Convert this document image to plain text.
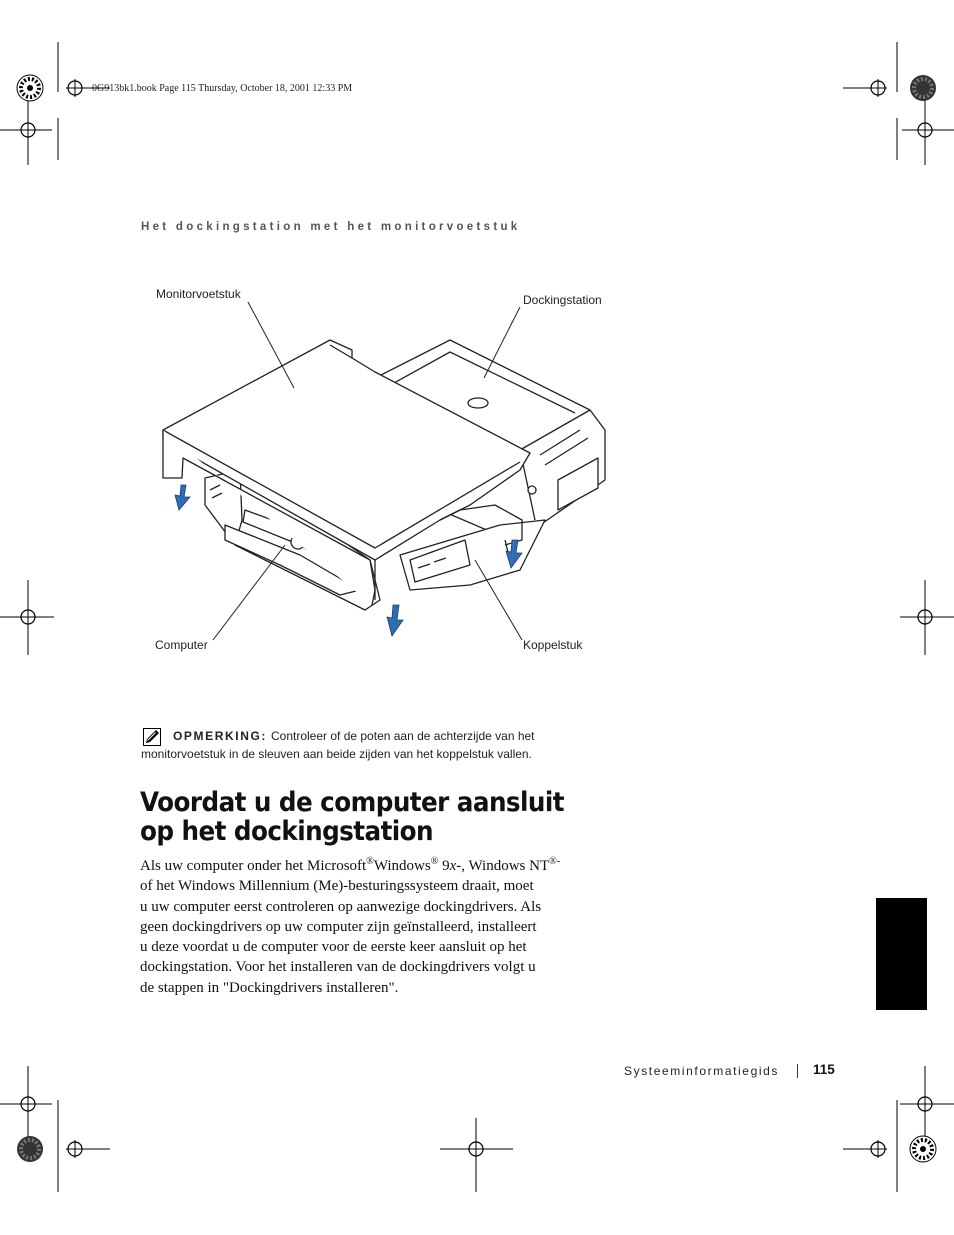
0G913bk1.book Page 115 Thursday, October 18, 2001 12:33 PM
Het dockingstation met het monitorvoetstuk
Monitorvoetstuk	Dockingstation
Computer	Koppelstuk
OPMERKING: Controleer of de poten aan de achterzijde van het
monitorvoetstuk in de sleuven aan beide zijden van het koppelstuk vallen.
Voordat u de computer aansluit
op het dockingstation
Als uw computer onder het Microsoft®Windows® 9x-, Windows NT®-
of het Windows Millennium (Me)-besturingssysteem draait, moet
u uw computer eerst controleren op aanwezige dockingdrivers. Als
geen dockingdrivers op uw computer zijn geïnstalleerd, installeert
u deze voordat u de computer voor de eerste keer aansluit op het
dockingstation. Voor het installeren van de dockingdrivers volgt u
de stappen in "Dockingdrivers installeren".
Systeeminformatiegids	115
